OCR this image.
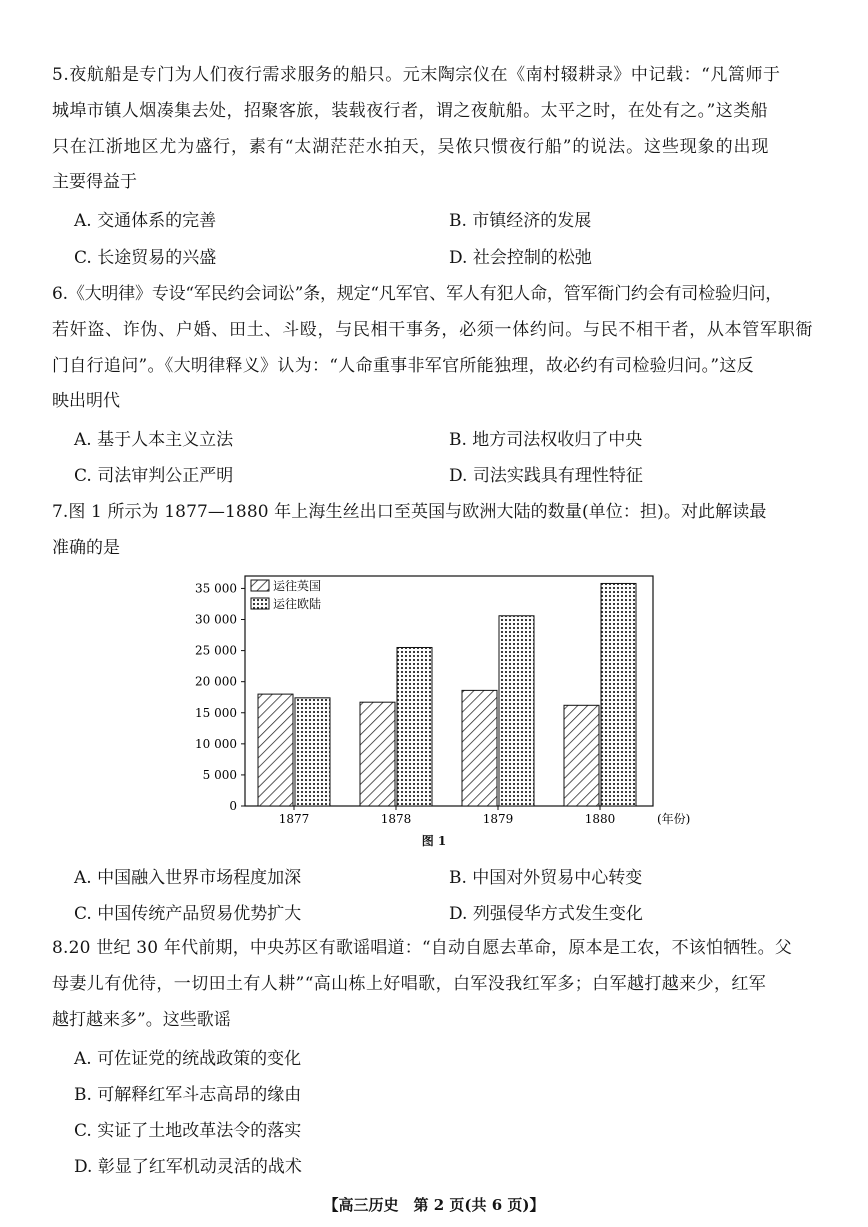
5.夜航船是专门为人们夜行需求服务的船只。元末陶宗仪在《南村辍耕录》中记载：“凡篙师于
城埠市镇人烟凑集去处，招聚客旅，装载夜行者，谓之夜航船。太平之时，在处有之。”这类船
只在江浙地区尤为盛行，素有“太湖茫茫水拍天，吴侬只惯夜行船”的说法。这些现象的出现
主要得益于
A. 交通体系的完善	B. 市镇经济的发展
C. 长途贸易的兴盛	D. 社会控制的松弛
6.《大明律》专设“军民约会词讼”条，规定“凡军官、军人有犯人命，管军衙门约会有司检验归问，
若奸盗、诈伪、户婚、田土、斗殴，与民相干事务，必须一体约问。与民不相干者，从本管军职衙
门自行追问”。《大明律释义》认为：“人命重事非军官所能独理，故必约有司检验归问。”这反
映出明代
A. 基于人本主义立法	B. 地方司法权收归了中央
C. 司法审判公正严明	D. 司法实践具有理性特征
7.图 1 所示为 1877—1880 年上海生丝出口至英国与欧洲大陆的数量(单位：担)。对此解读最
准确的是
0
5 000
10 000
15 000
20 000
25 000
30 000
35 000
1877	1878	1879	1880	(年份)
运往英国
运往欧陆
图 1
A. 中国融入世界市场程度加深	B. 中国对外贸易中心转变
C. 中国传统产品贸易优势扩大	D. 列强侵华方式发生变化
8.20 世纪 30 年代前期，中央苏区有歌谣唱道：“自动自愿去革命，原本是工农，不该怕牺牲。父
母妻儿有优待，一切田土有人耕”“高山栋上好唱歌，白军没我红军多；白军越打越来少，红军
越打越来多”。这些歌谣
A. 可佐证党的统战政策的变化
B. 可解释红军斗志高昂的缘由
C. 实证了土地改革法令的落实
D. 彰显了红军机动灵活的战术
【高三历史　第 2 页(共 6 页)】
